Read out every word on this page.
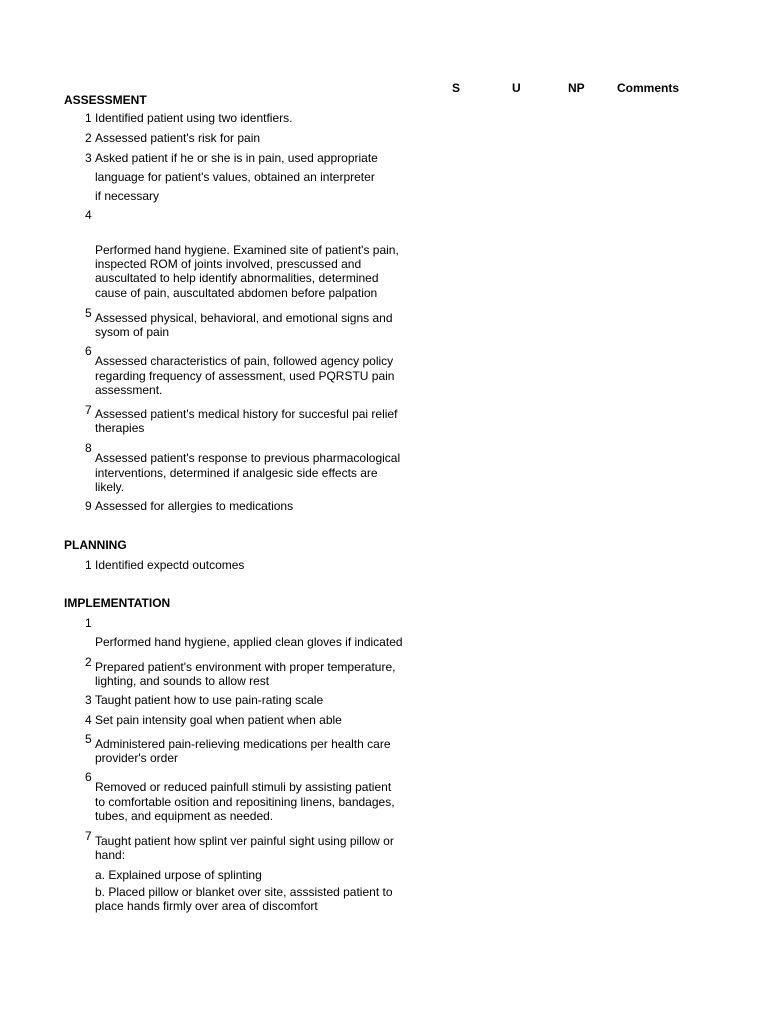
S	U	NP	Comments
ASSESSMENT
1 Identified patient using two identfiers.
2 Assessed patient's risk for pain
3 Asked patient if he or she is in pain, used appropriate
language for patient's values, obtained an interpreter
if necessary
4
Performed hand hygiene. Examined site of patient's pain,
inspected ROM of joints involved, prescussed and
auscultated to help identify abnormalities, determined
cause of pain, auscultated abdomen before palpation
5 Assessed physical, behavioral, and emotional signs and
sysom of pain
6
Assessed characteristics of pain, followed agency policy
regarding frequency of assessment, used PQRSTU pain
assessment.
7 Assessed patient's medical history for succesful pai relief
therapies
8
Assessed patient's response to previous pharmacological
interventions, determined if analgesic side effects are
likely.
9 Assessed for allergies to medications
PLANNING
1 Identified expectd outcomes
IMPLEMENTATION
1
Performed hand hygiene, applied clean gloves if indicated
2 Prepared patient's environment with proper temperature,
lighting, and sounds to allow rest
3 Taught patient how to use pain-rating scale
4 Set pain intensity goal when patient when able
5 Administered pain-relieving medications per health care
provider's order
6
Removed or reduced painfull stimuli by assisting patient
to comfortable osition and repositining linens, bandages,
tubes, and equipment as needed.
7 Taught patient how splint ver painful sight using pillow or
hand:
a. Explained urpose of splinting
b. Placed pillow or blanket over site, asssisted patient to
place hands firmly over area of discomfort
